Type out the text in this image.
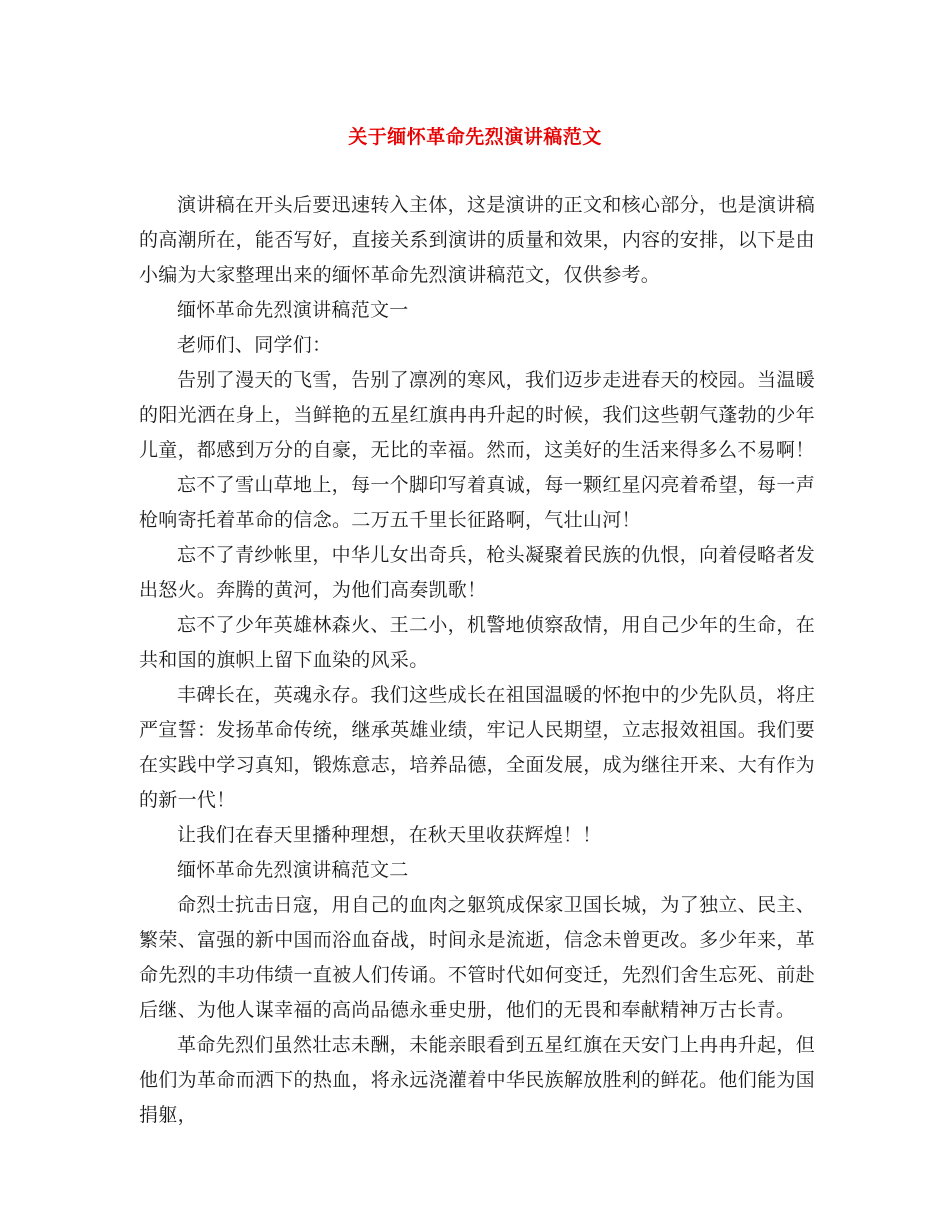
关于缅怀革命先烈演讲稿范文

演讲稿在开头后要迅速转入主体，这是演讲的正文和核心部分，也是演讲稿的高潮所在，能否写好，直接关系到演讲的质量和效果，内容的安排，以下是由小编为大家整理出来的缅怀革命先烈演讲稿范文，仅供参考。

缅怀革命先烈演讲稿范文一

老师们、同学们：

告别了漫天的飞雪，告别了凛冽的寒风，我们迈步走进春天的校园。当温暖的阳光洒在身上，当鲜艳的五星红旗冉冉升起的时候，我们这些朝气蓬勃的少年儿童，都感到万分的自豪，无比的幸福。然而，这美好的生活来得多么不易啊！

忘不了雪山草地上，每一个脚印写着真诚，每一颗红星闪亮着希望，每一声枪响寄托着革命的信念。二万五千里长征路啊，气壮山河！

忘不了青纱帐里，中华儿女出奇兵，枪头凝聚着民族的仇恨，向着侵略者发出怒火。奔腾的黄河，为他们高奏凯歌！

忘不了少年英雄林森火、王二小，机警地侦察敌情，用自己少年的生命，在共和国的旗帜上留下血染的风采。

丰碑长在，英魂永存。我们这些成长在祖国温暖的怀抱中的少先队员，将庄严宣誓：发扬革命传统，继承英雄业绩，牢记人民期望，立志报效祖国。我们要在实践中学习真知，锻炼意志，培养品德，全面发展，成为继往开来、大有作为的新一代！

让我们在春天里播种理想，在秋天里收获辉煌！！

缅怀革命先烈演讲稿范文二

命烈士抗击日寇，用自己的血肉之躯筑成保家卫国长城，为了独立、民主、繁荣、富强的新中国而浴血奋战，时间永是流逝，信念未曾更改。多少年来，革命先烈的丰功伟绩一直被人们传诵。不管时代如何变迁，先烈们舍生忘死、前赴后继、为他人谋幸福的高尚品德永垂史册，他们的无畏和奉献精神万古长青。

革命先烈们虽然壮志未酬，未能亲眼看到五星红旗在天安门上冉冉升起，但他们为革命而洒下的热血，将永远浇灌着中华民族解放胜利的鲜花。他们能为国捐躯，
